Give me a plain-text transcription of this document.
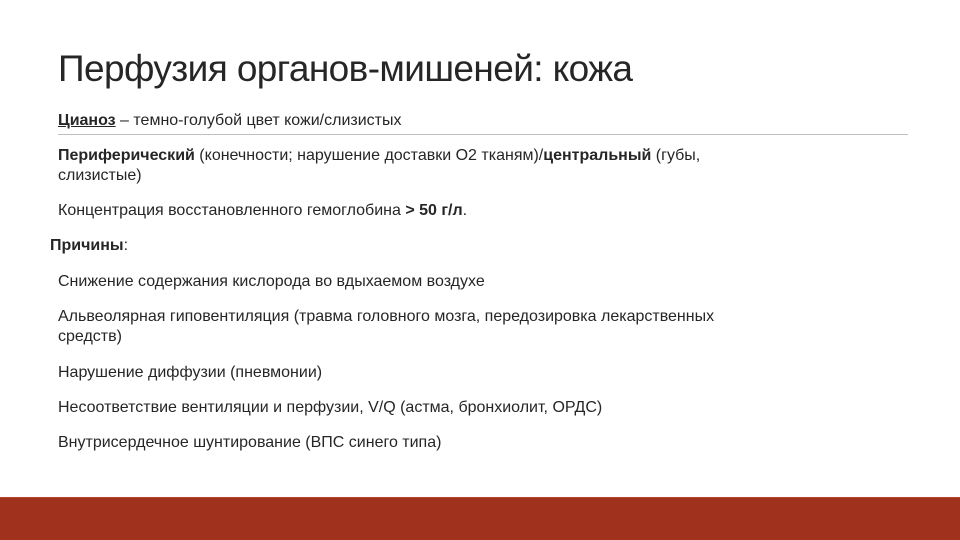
Перфузия органов-мишеней: кожа
Цианоз – темно-голубой цвет кожи/слизистых
Периферический (конечности; нарушение доставки О2 тканям)/центральный (губы,
слизистые)
Концентрация восстановленного гемоглобина > 50 г/л.
Причины:
Снижение содержания кислорода во вдыхаемом воздухе
Альвеолярная гиповентиляция (травма головного мозга, передозировка лекарственных
средств)
Нарушение диффузии (пневмонии)
Несоответствие вентиляции и перфузии, V/Q (астма, бронхиолит, ОРДС)
Внутрисердечное шунтирование (ВПС синего типа)
